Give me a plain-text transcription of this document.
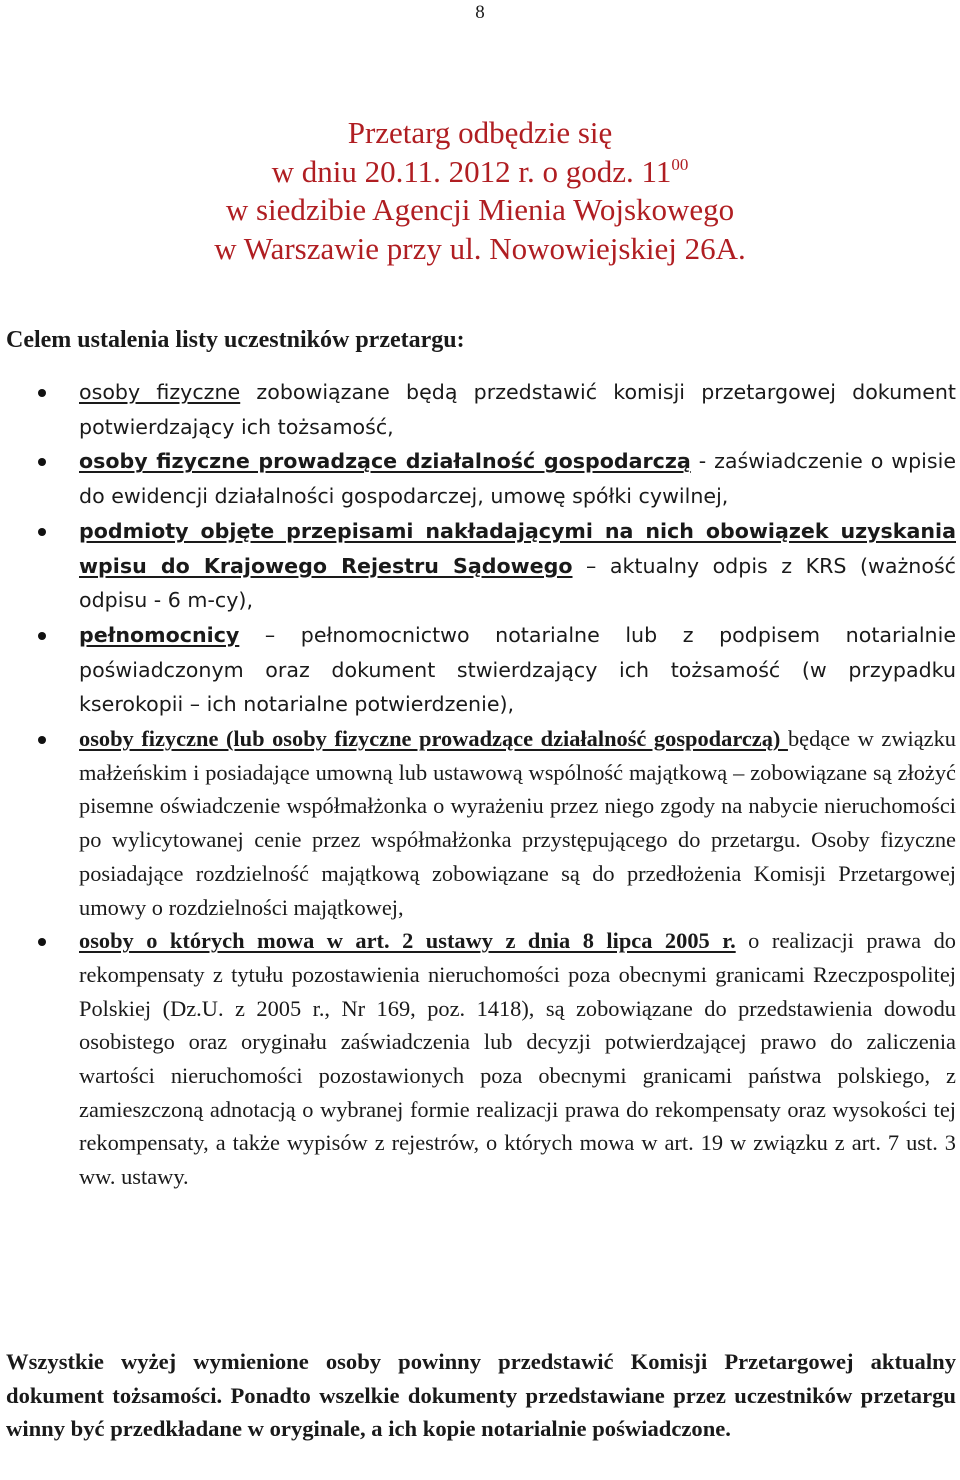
8
Przetarg odbędzie się
w dniu 20.11. 2012 r. o godz. $11^{00}$
w siedzibie Agencji Mienia Wojskowego
w Warszawie przy ul. Nowowiejskiej 26A.
Celem ustalenia listy uczestników przetargu:
osoby fizyczne zobowiązane będą przedstawić komisji przetargowej dokument potwierdzający ich tożsamość,
osoby fizyczne prowadzące działalność gospodarczą - zaświadczenie o wpisie do ewidencji działalności gospodarczej, umowę spółki cywilnej,
podmioty objęte przepisami nakładającymi na nich obowiązek uzyskania wpisu do Krajowego Rejestru Sądowego – aktualny odpis z KRS (ważność odpisu - 6 m-cy),
pełnomocnicy – pełnomocnictwo notarialne lub z podpisem notarialnie poświadczonym oraz dokument stwierdzający ich tożsamość (w przypadku kserokopii – ich notarialne potwierdzenie),
osoby fizyczne (lub osoby fizyczne prowadzące działalność gospodarczą) będące w związku małżeńskim i posiadające umowną lub ustawową wspólność majątkową – zobowiązane są złożyć pisemne oświadczenie współmałżonka o wyrażeniu przez niego zgody na nabycie nieruchomości po wylicytowanej cenie przez współmałżonka przystępującego do przetargu. Osoby fizyczne posiadające rozdzielność majątkową zobowiązane są do przedłożenia Komisji Przetargowej umowy o rozdzielności majątkowej,
osoby o których mowa w art. 2 ustawy z dnia 8 lipca 2005 r. o realizacji prawa do rekompensaty z tytułu pozostawienia nieruchomości poza obecnymi granicami Rzeczpospolitej Polskiej (Dz.U. z 2005 r., Nr 169, poz. 1418), są zobowiązane do przedstawienia dowodu osobistego oraz oryginału zaświadczenia lub decyzji potwierdzającej prawo do zaliczenia wartości nieruchomości pozostawionych poza obecnymi granicami państwa polskiego, z zamieszczoną adnotacją o wybranej formie realizacji prawa do rekompensaty oraz wysokości tej rekompensaty, a także wypisów z rejestrów, o których mowa w art. 19 w związku z art. 7 ust. 3 ww. ustawy.
Wszystkie wyżej wymienione osoby powinny przedstawić Komisji Przetargowej aktualny dokument tożsamości. Ponadto wszelkie dokumenty przedstawiane przez uczestników przetargu winny być przedkładane w oryginale, a ich kopie notarialnie poświadczone.
